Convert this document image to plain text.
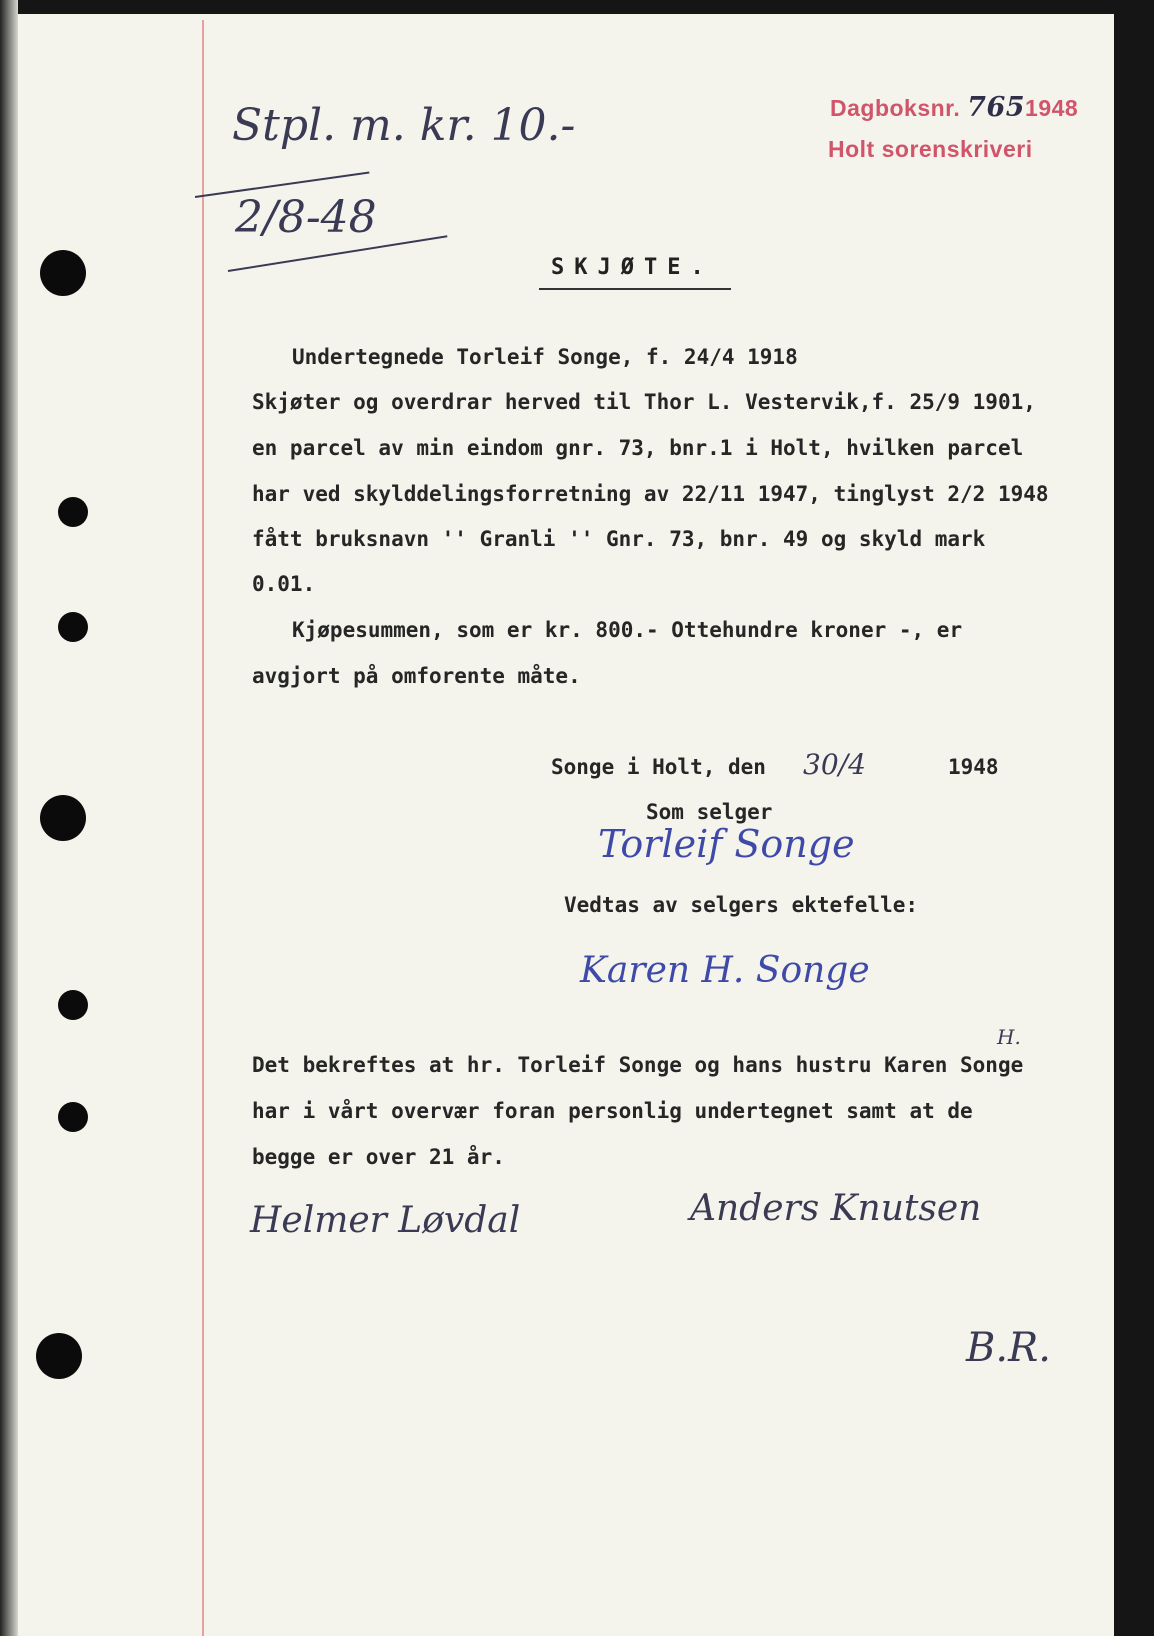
Dagboksnr. 7651948
Holt sorenskriveri
Stpl. m. kr. 10.-
2/8-48
SKJØTE.
Undertegnede Torleif Songe, f. 24/4 1918
Skjøter og overdrar herved til Thor L. Vestervik,f. 25/9 1901,
en parcel av min eindom gnr. 73, bnr.1 i Holt, hvilken parcel
har ved skylddelingsforretning av 22/11 1947, tinglyst 2/2 1948
fått bruksnavn '' Granli '' Gnr. 73, bnr. 49 og skyld mark
0.01.
Kjøpesummen, som er kr. 800.- Ottehundre kroner -, er
avgjort på omforente måte.
Songe i Holt, den 30/4	1948
Som selger
Torleif Songe
Vedtas av selgers ektefelle:
Karen H. Songe
H.
Det bekreftes at hr. Torleif Songe og hans hustru Karen Songe
har i vårt overvær foran personlig undertegnet samt at de
begge er over 21 år.
Helmer Løvdal	Anders Knutsen
B.R.
